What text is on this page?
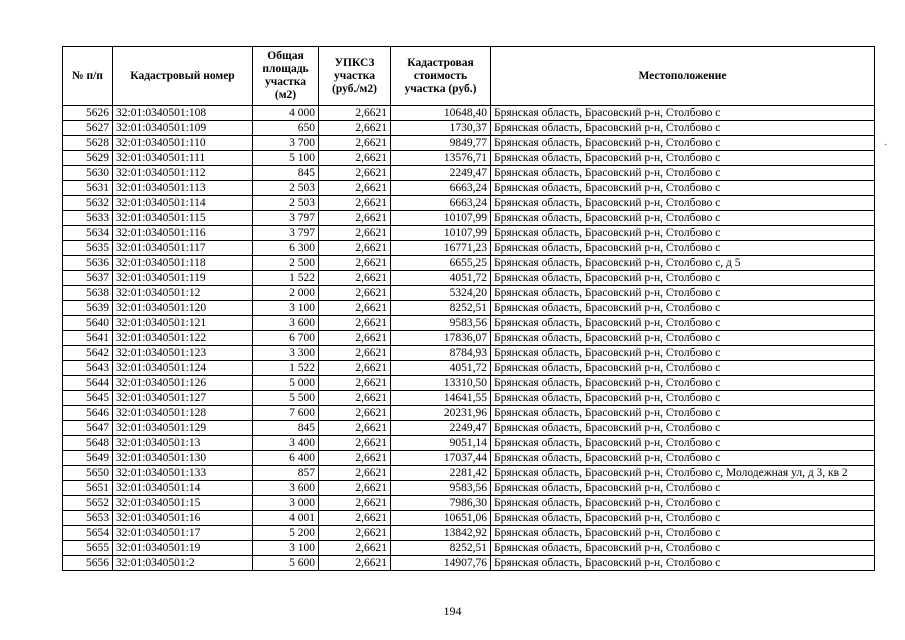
№ п/п	Кадастровый номер	Общая площадь участка (м2)	УПКСЗ участка (руб./м2)	Кадастровая стоимость участка (руб.)	Местоположение
5626	32:01:0340501:108	4 000	2,6621	10648,40	Брянская область, Брасовский р-н, Столбово с
5627	32:01:0340501:109	650	2,6621	1730,37	Брянская область, Брасовский р-н, Столбово с
5628	32:01:0340501:110	3 700	2,6621	9849,77	Брянская область, Брасовский р-н, Столбово с
5629	32:01:0340501:111	5 100	2,6621	13576,71	Брянская область, Брасовский р-н, Столбово с
5630	32:01:0340501:112	845	2,6621	2249,47	Брянская область, Брасовский р-н, Столбово с
5631	32:01:0340501:113	2 503	2,6621	6663,24	Брянская область, Брасовский р-н, Столбово с
5632	32:01:0340501:114	2 503	2,6621	6663,24	Брянская область, Брасовский р-н, Столбово с
5633	32:01:0340501:115	3 797	2,6621	10107,99	Брянская область, Брасовский р-н, Столбово с
5634	32:01:0340501:116	3 797	2,6621	10107,99	Брянская область, Брасовский р-н, Столбово с
5635	32:01:0340501:117	6 300	2,6621	16771,23	Брянская область, Брасовский р-н, Столбово с
5636	32:01:0340501:118	2 500	2,6621	6655,25	Брянская область, Брасовский р-н, Столбово с, д 5
5637	32:01:0340501:119	1 522	2,6621	4051,72	Брянская область, Брасовский р-н, Столбово с
5638	32:01:0340501:12	2 000	2,6621	5324,20	Брянская область, Брасовский р-н, Столбово с
5639	32:01:0340501:120	3 100	2,6621	8252,51	Брянская область, Брасовский р-н, Столбово с
5640	32:01:0340501:121	3 600	2,6621	9583,56	Брянская область, Брасовский р-н, Столбово с
5641	32:01:0340501:122	6 700	2,6621	17836,07	Брянская область, Брасовский р-н, Столбово с
5642	32:01:0340501:123	3 300	2,6621	8784,93	Брянская область, Брасовский р-н, Столбово с
5643	32:01:0340501:124	1 522	2,6621	4051,72	Брянская область, Брасовский р-н, Столбово с
5644	32:01:0340501:126	5 000	2,6621	13310,50	Брянская область, Брасовский р-н, Столбово с
5645	32:01:0340501:127	5 500	2,6621	14641,55	Брянская область, Брасовский р-н, Столбово с
5646	32:01:0340501:128	7 600	2,6621	20231,96	Брянская область, Брасовский р-н, Столбово с
5647	32:01:0340501:129	845	2,6621	2249,47	Брянская область, Брасовский р-н, Столбово с
5648	32:01:0340501:13	3 400	2,6621	9051,14	Брянская область, Брасовский р-н, Столбово с
5649	32:01:0340501:130	6 400	2,6621	17037,44	Брянская область, Брасовский р-н, Столбово с
5650	32:01:0340501:133	857	2,6621	2281,42	Брянская область, Брасовский р-н, Столбово с, Молодежная ул, д 3, кв 2
5651	32:01:0340501:14	3 600	2,6621	9583,56	Брянская область, Брасовский р-н, Столбово с
5652	32:01:0340501:15	3 000	2,6621	7986,30	Брянская область, Брасовский р-н, Столбово с
5653	32:01:0340501:16	4 001	2,6621	10651,06	Брянская область, Брасовский р-н, Столбово с
5654	32:01:0340501:17	5 200	2,6621	13842,92	Брянская область, Брасовский р-н, Столбово с
5655	32:01:0340501:19	3 100	2,6621	8252,51	Брянская область, Брасовский р-н, Столбово с
5656	32:01:0340501:2	5 600	2,6621	14907,76	Брянская область, Брасовский р-н, Столбово с
·
194
